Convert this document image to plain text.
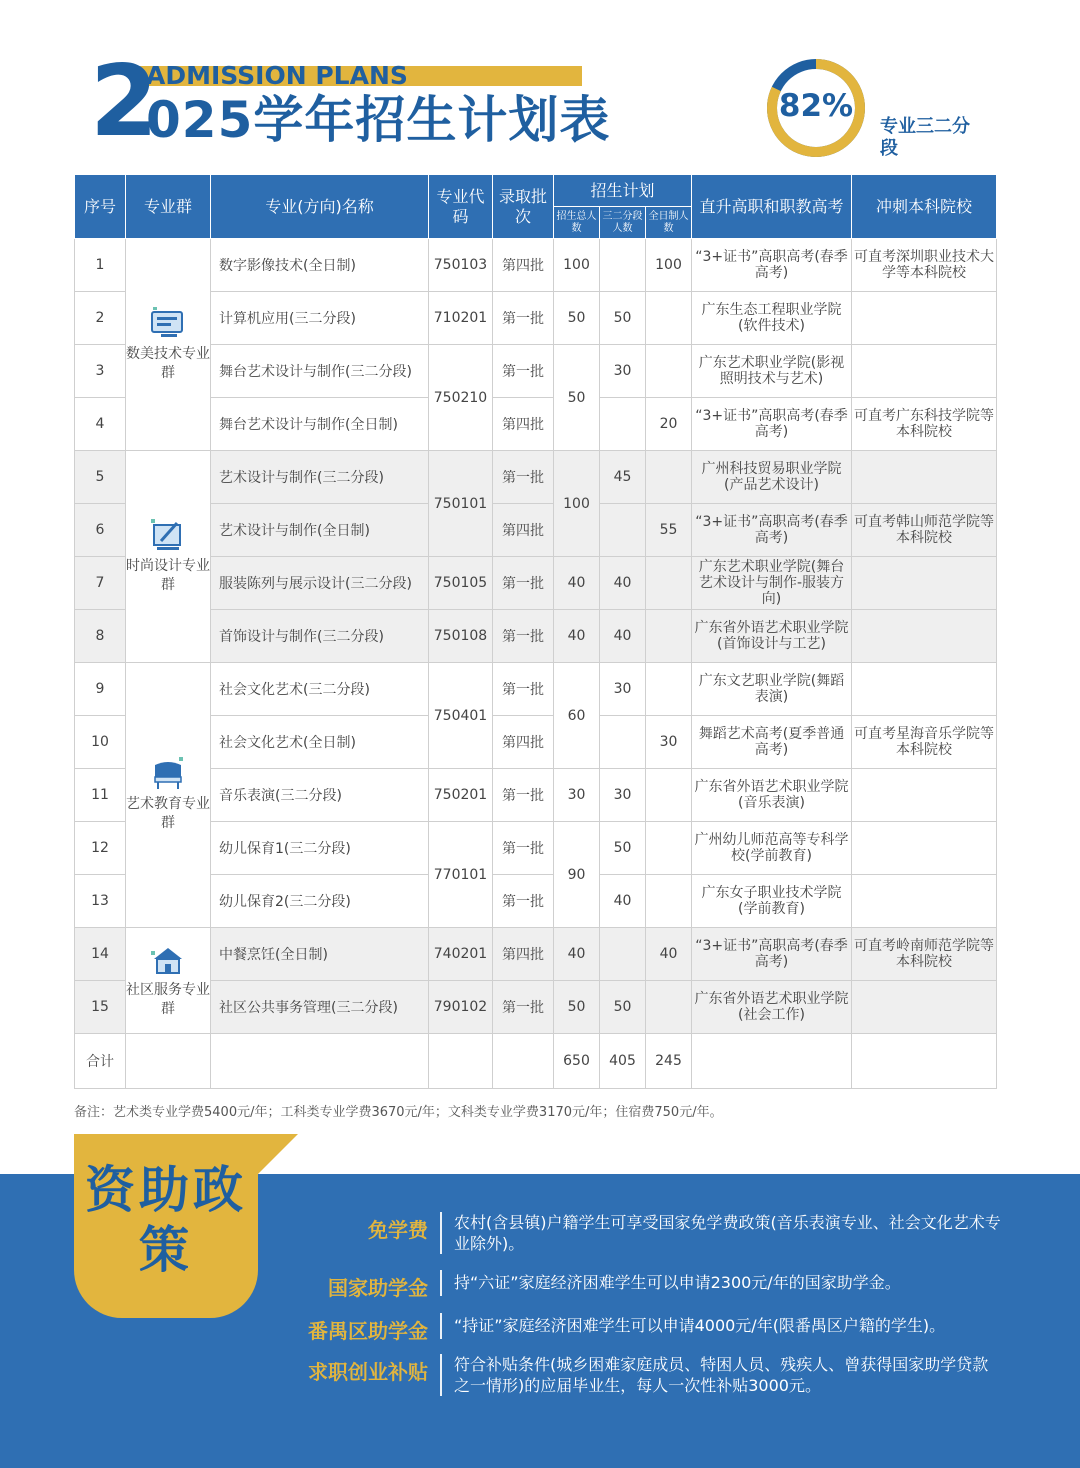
ADMISSION PLANS
2
025学年招生计划表	82%
专业三二分段
序号	专业群	专业(方向)名称	专业代码	录取批次	招生计划			直升高职和职教高考	冲刺本科院校
					招生总人数	三二分段人数	全日制人数		
1	数美技术专业群	数字影像技术(全日制)	750103	第四批	100		100	“3+证书”高职高考(春季高考)	可直考深圳职业技术大学等本科院校
2		计算机应用(三二分段)	710201	第一批	50	50		广东生态工程职业学院(软件技术)	
3		舞台艺术设计与制作(三二分段)	750210	第一批	50	30		广东艺术职业学院(影视照明技术与艺术)	
4		舞台艺术设计与制作(全日制)		第四批			20	“3+证书”高职高考(春季高考)	可直考广东科技学院等本科院校
5	时尚设计专业群	艺术设计与制作(三二分段)	750101	第一批	100	45		广州科技贸易职业学院(产品艺术设计)	
6		艺术设计与制作(全日制)		第四批			55	“3+证书”高职高考(春季高考)	可直考韩山师范学院等本科院校
7		服装陈列与展示设计(三二分段)	750105	第一批	40	40		广东艺术职业学院(舞台艺术设计与制作-服装方向)	
8		首饰设计与制作(三二分段)	750108	第一批	40	40		广东省外语艺术职业学院(首饰设计与工艺)	
9	艺术教育专业群	社会文化艺术(三二分段)	750401	第一批	60	30		广东文艺职业学院(舞蹈表演)	
10		社会文化艺术(全日制)		第四批			30	舞蹈艺术高考(夏季普通高考)	可直考星海音乐学院等本科院校
11		音乐表演(三二分段)	750201	第一批	30	30		广东省外语艺术职业学院(音乐表演)	
12		幼儿保育1(三二分段)	770101	第一批	90	50		广州幼儿师范高等专科学校(学前教育)	
13		幼儿保育2(三二分段)		第一批		40		广东女子职业技术学院(学前教育)	
14	社区服务专业群	中餐烹饪(全日制)	740201	第四批	40		40	“3+证书”高职高考(春季高考)	可直考岭南师范学院等本科院校
15		社区公共事务管理(三二分段)	790102	第一批	50	50		广东省外语艺术职业学院(社会工作)	
合计					650	405	245		
备注：艺术类专业学费5400元/年；工科类专业学费3670元/年；文科类专业学费3170元/年；住宿费750元/年。
资助政策	免学费 农村(含县镇)户籍学生可享受国家免学费政策(音乐表演专业、社会文化艺术专业除外)。
国家助学金 持“六证”家庭经济困难学生可以申请2300元/年的国家助学金。
番禺区助学金 “持证”家庭经济困难学生可以申请4000元/年(限番禺区户籍的学生)。
求职创业补贴 符合补贴条件(城乡困难家庭成员、特困人员、残疾人、曾获得国家助学贷款之一情形)的应届毕业生，每人一次性补贴3000元。
